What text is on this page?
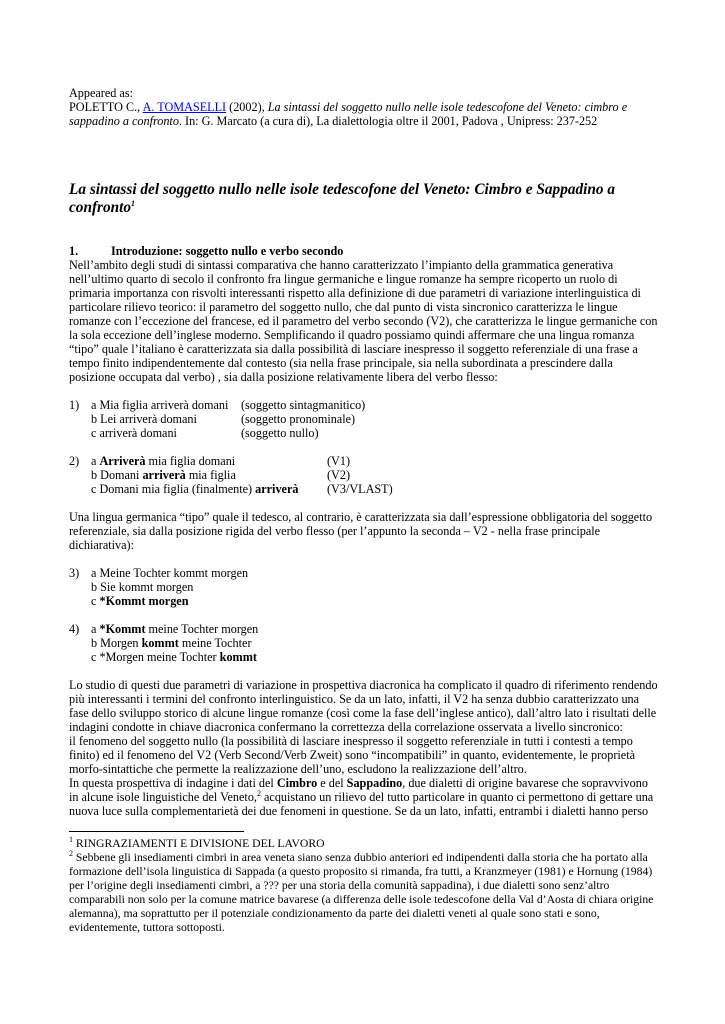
Appeared as:

POLETTO C., A. TOMASELLI (2002), La sintassi del soggetto nullo nelle isole tedescofone del Veneto: cimbro e sappadino a confronto. In: G. Marcato (a cura di), La dialettologia oltre il 2001, Padova , Unipress: 237-252

La sintassi del soggetto nullo nelle isole tedescofone del Veneto: Cimbro e Sappadino a confronto$^1$

1.	Introduzione: soggetto nullo e verbo secondo

Nell’ambito degli studi di sintassi comparativa che hanno caratterizzato l’impianto della grammatica generativa nell’ultimo quarto di secolo il confronto fra lingue germaniche e lingue romanze ha sempre ricoperto un ruolo di primaria importanza con risvolti interessanti rispetto alla definizione di due parametri di variazione interlinguistica di particolare rilievo teorico: il parametro del soggetto nullo, che dal punto di vista sincronico caratterizza le lingue romanze con l’eccezione del francese, ed il parametro del verbo secondo (V2), che caratterizza le lingue germaniche con la sola eccezione dell’inglese moderno. Semplificando il quadro possiamo quindi affermare che una lingua romanza “tipo” quale l’italiano è caratterizzata sia dalla possibilità di lasciare inespresso il soggetto referenziale di una frase a tempo finito indipendentemente dal contesto (sia nella frase principale, sia nella subordinata a prescindere dalla posizione occupata dal verbo) , sia dalla posizione relativamente libera del verbo flesso:

1) a Mia figlia arriverà domani	(soggetto sintagmanitico)
b Lei arriverà domani	(soggetto pronominale)
c arriverà domani	(soggetto nullo)
2) a Arriverà mia figlia domani	(V1)
b Domani arriverà mia figlia	(V2)
c Domani mia figlia (finalmente) arriverà	(V3/VLAST)

Una lingua germanica “tipo” quale il tedesco, al contrario, è caratterizzata sia dall’espressione obbligatoria del soggetto referenziale, sia dalla posizione rigida del verbo flesso (per l’appunto la seconda – V2 - nella frase principale dichiarativa):

3) a Meine Tochter kommt morgen
b Sie kommt morgen
c *Kommt morgen
4) a *Kommt meine Tochter morgen
b Morgen kommt meine Tochter
c *Morgen meine Tochter kommt

Lo studio di questi due parametri di variazione in prospettiva diacronica ha complicato il quadro di riferimento rendendo più interessanti i termini del confronto interlinguistico. Se da un lato, infatti, il V2 ha senza dubbio caratterizzato una fase dello sviluppo storico di alcune lingue romanze (così come la fase dell’inglese antico), dall’altro lato i risultati delle indagini condotte in chiave diacronica confermano la correttezza della correlazione osservata a livello sincronico:

il fenomeno del soggetto nullo (la possibilità di lasciare inespresso il soggetto referenziale in tutti i contesti a tempo finito) ed il fenomeno del V2 (Verb Second/Verb Zweit) sono “incompatibili” in quanto, evidentemente, le proprietà morfo-sintattiche che permette la realizzazione dell’uno, escludono la realizzazione dell’altro.

In questa prospettiva di indagine i dati del Cimbro e del Sappadino, due dialetti di origine bavarese che sopravvivono in alcune isole linguistiche del Veneto,$^2$ acquistano un rilievo del tutto particolare in quanto ci permettono di gettare una nuova luce sulla complementarietà dei due fenomeni in questione. Se da un lato, infatti, entrambi i dialetti hanno perso

$^1$ RINGRAZIAMENTI E DIVISIONE DEL LAVORO

$^2$ Sebbene gli insediamenti cimbri in area veneta siano senza dubbio anteriori ed indipendenti dalla storia che ha portato alla formazione dell’isola linguistica di Sappada (a questo proposito si rimanda, fra tutti, a Kranzmeyer (1981) e Hornung (1984) per l’origine degli insediamenti cimbri, a ??? per una storia della comunità sappadina), i due dialetti sono senz’altro comparabili non solo per la comune matrice bavarese (a differenza delle isole tedescofone della Val d’Aosta di chiara origine alemanna), ma soprattutto per il potenziale condizionamento da parte dei dialetti veneti al quale sono stati e sono, evidentemente, tuttora sottoposti.
